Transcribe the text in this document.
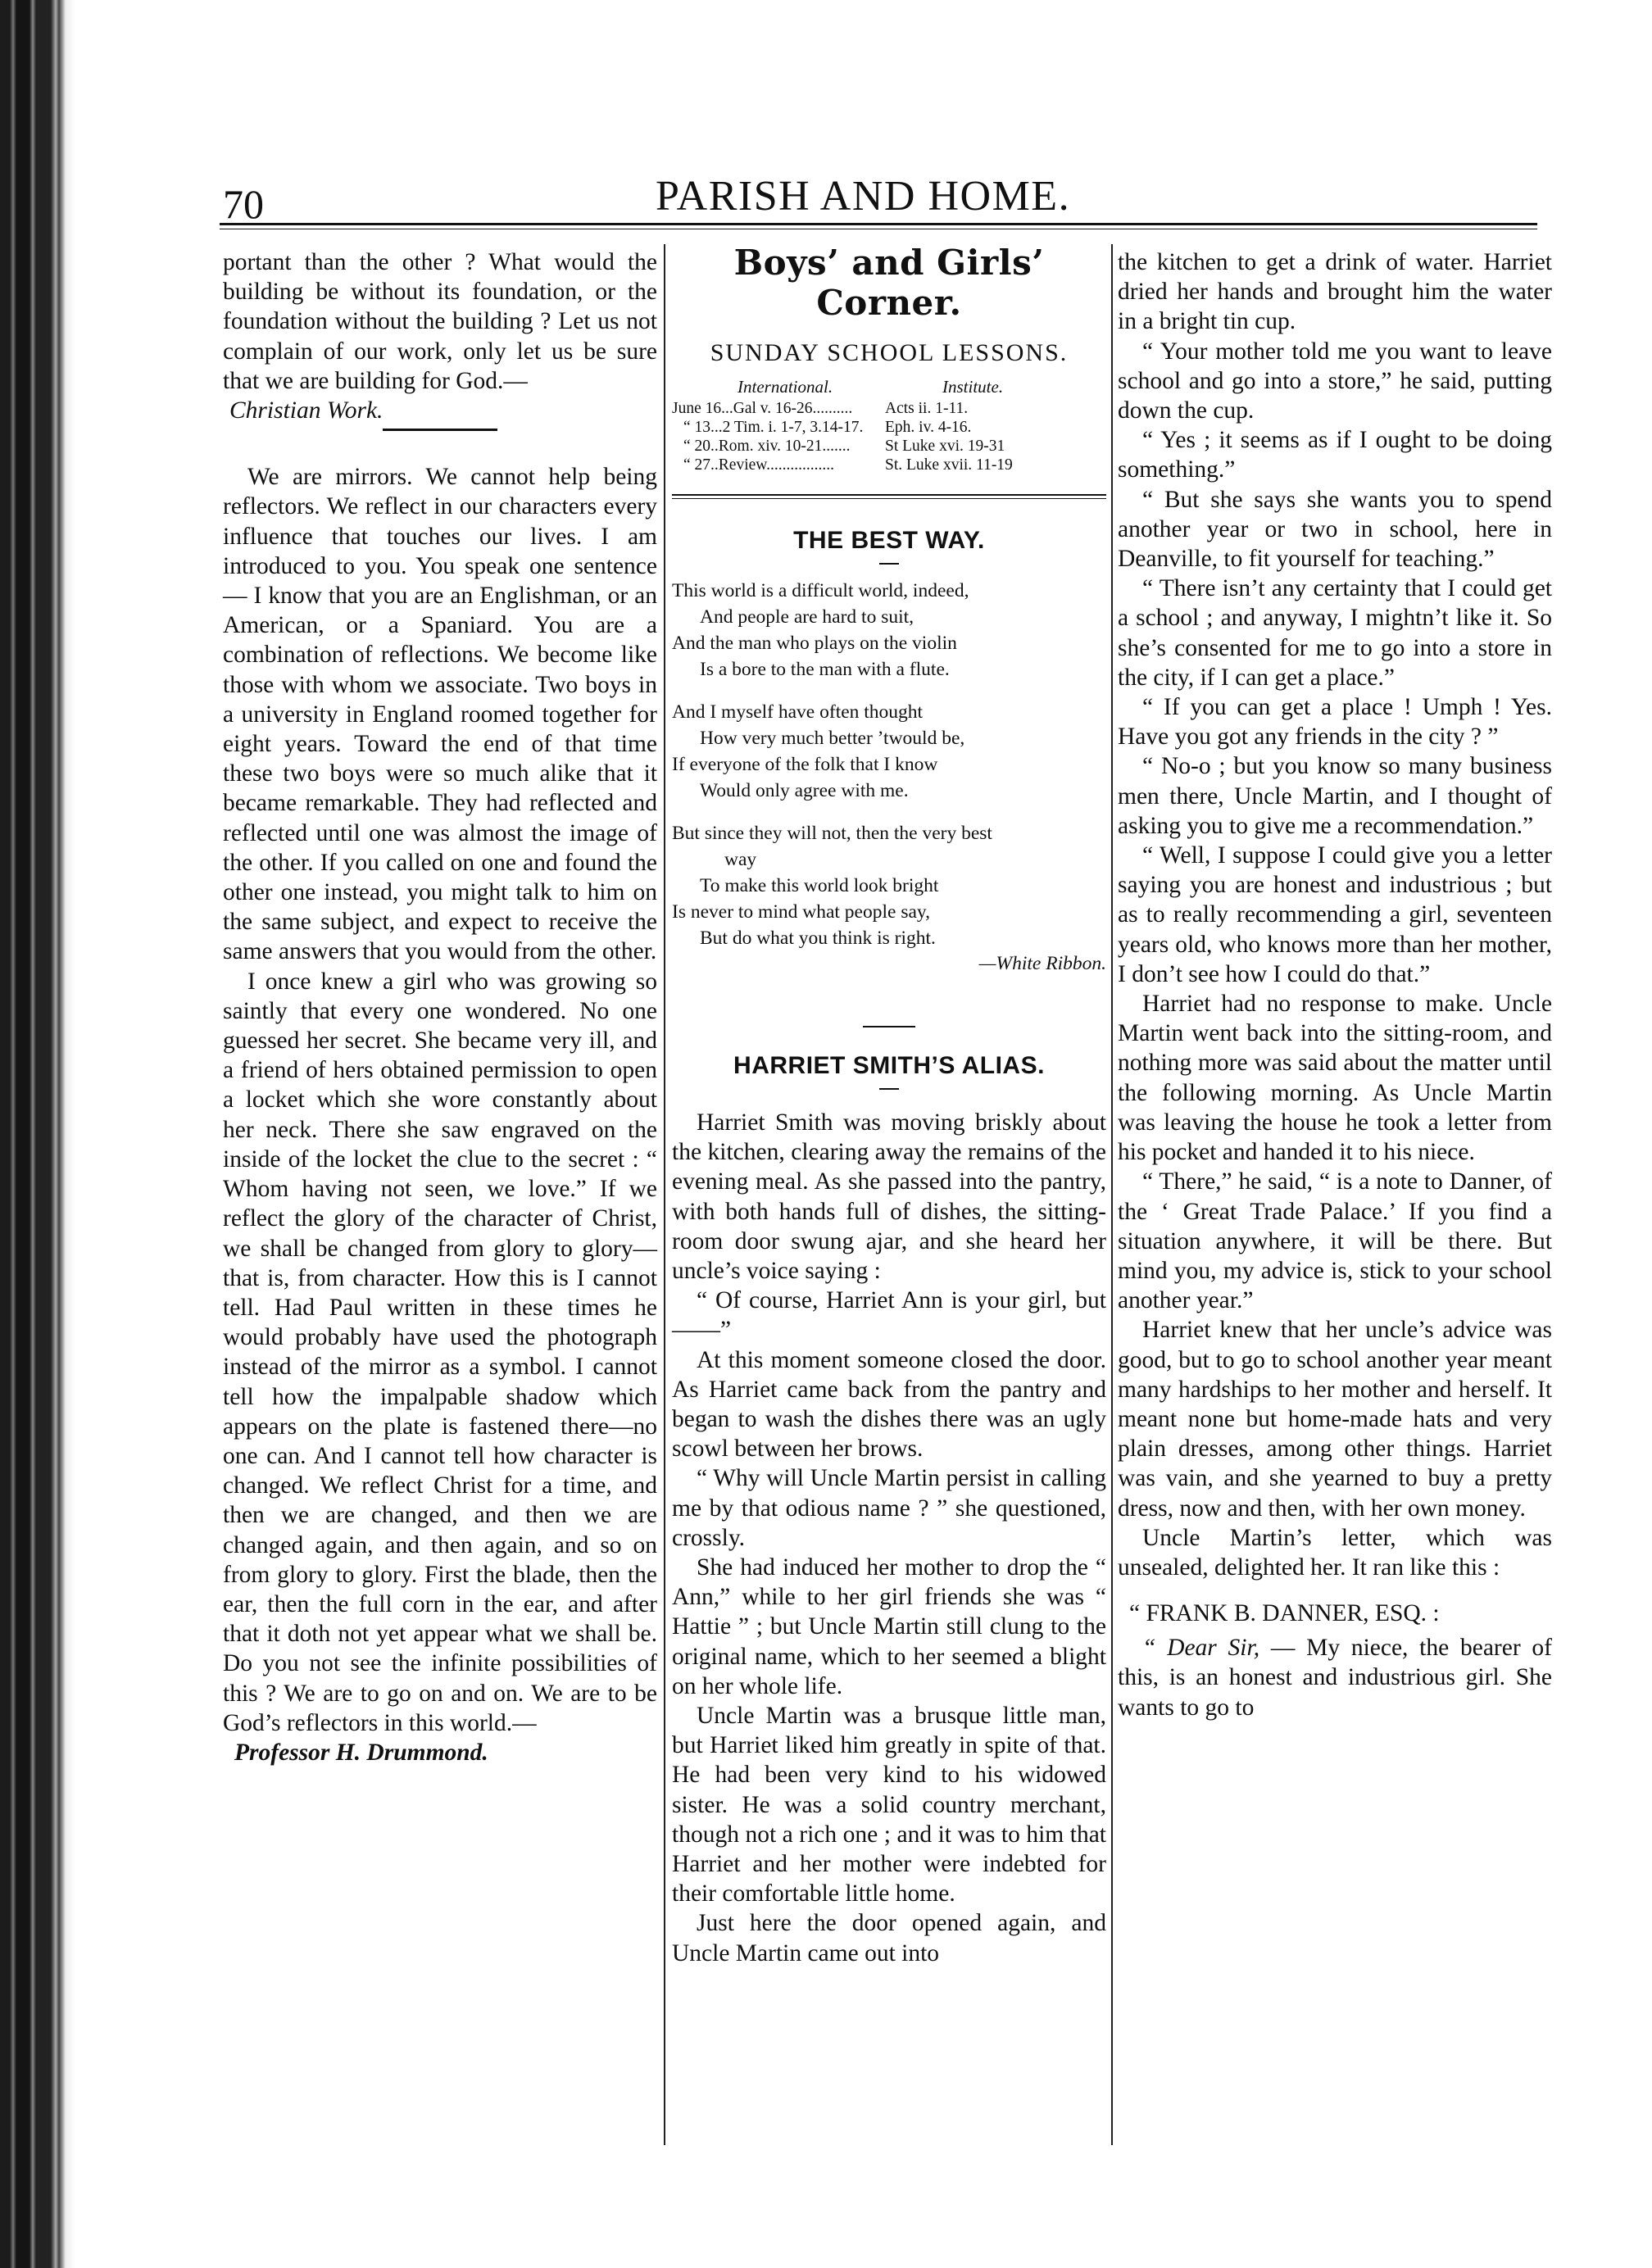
70	PARISH AND HOME.

portant than the other ? What would the building be without its foundation, or the foundation without the building ? Let us not complain of our work, only let us be sure that we are building for God.—

Christian Work.

We are mirrors. We cannot help being reflectors. We reflect in our characters every influence that touches our lives. I am introduced to you. You speak one sentence— I know that you are an Englishman, or an American, or a Spaniard. You are a combination of reflections. We become like those with whom we associate. Two boys in a university in England roomed together for eight years. Toward the end of that time these two boys were so much alike that it became remarkable. They had reflected and reflected until one was almost the image of the other. If you called on one and found the other one instead, you might talk to him on the same subject, and expect to receive the same answers that you would from the other.

I once knew a girl who was growing so saintly that every one wondered. No one guessed her secret. She became very ill, and a friend of hers obtained permission to open a locket which she wore constantly about her neck. There she saw engraved on the inside of the locket the clue to the secret : “ Whom having not seen, we love.” If we reflect the glory of the character of Christ, we shall be changed from glory to glory—that is, from character. How this is I cannot tell. Had Paul written in these times he would probably have used the photograph instead of the mirror as a symbol. I cannot tell how the impalpable shadow which appears on the plate is fastened there—no one can. And I cannot tell how character is changed. We reflect Christ for a time, and then we are changed, and then we are changed again, and then again, and so on from glory to glory. First the blade, then the ear, then the full corn in the ear, and after that it doth not yet appear what we shall be. Do you not see the infinite possibilities of this ? We are to go on and on. We are to be God’s reflectors in this world.—

Professor H. Drummond.

Boys’ and Girls’ Corner.
SUNDAY SCHOOL LESSONS.
International.	Institute.
June 16...Gal v. 16-26..........	Acts ii. 1-11.
“ 13...2 Tim. i. 1-7, 3.14-17.	Eph. iv. 4-16.
“ 20..Rom. xiv. 10-21.......	St Luke xvi. 19-31
“ 27..Review.................	St. Luke xvii. 11-19
THE BEST WAY.
This world is a difficult world, indeed,
And people are hard to suit,
And the man who plays on the violin
Is a bore to the man with a flute.
And I myself have often thought
How very much better ’twould be,
If everyone of the folk that I know
Would only agree with me.
But since they will not, then the very best
way
To make this world look bright
Is never to mind what people say,
But do what you think is right.
—White Ribbon.
HARRIET SMITH’S ALIAS.

Harriet Smith was moving briskly about the kitchen, clearing away the remains of the evening meal. As she passed into the pantry, with both hands full of dishes, the sitting-room door swung ajar, and she heard her uncle’s voice saying :

“ Of course, Harriet Ann is your girl, but——”

At this moment someone closed the door. As Harriet came back from the pantry and began to wash the dishes there was an ugly scowl between her brows.

“ Why will Uncle Martin persist in calling me by that odious name ? ” she questioned, crossly.

She had induced her mother to drop the “ Ann,” while to her girl friends she was “ Hattie ” ; but Uncle Martin still clung to the original name, which to her seemed a blight on her whole life.

Uncle Martin was a brusque little man, but Harriet liked him greatly in spite of that. He had been very kind to his widowed sister. He was a solid country merchant, though not a rich one ; and it was to him that Harriet and her mother were indebted for their comfortable little home.

Just here the door opened again, and Uncle Martin came out into

the kitchen to get a drink of water. Harriet dried her hands and brought him the water in a bright tin cup.

“ Your mother told me you want to leave school and go into a store,” he said, putting down the cup.

“ Yes ; it seems as if I ought to be doing something.”

“ But she says she wants you to spend another year or two in school, here in Deanville, to fit yourself for teaching.”

“ There isn’t any certainty that I could get a school ; and anyway, I mightn’t like it. So she’s consented for me to go into a store in the city, if I can get a place.”

“ If you can get a place ! Umph ! Yes. Have you got any friends in the city ? ”

“ No-o ; but you know so many business men there, Uncle Martin, and I thought of asking you to give me a recommendation.”

“ Well, I suppose I could give you a letter saying you are honest and industrious ; but as to really recommending a girl, seventeen years old, who knows more than her mother, I don’t see how I could do that.”

Harriet had no response to make. Uncle Martin went back into the sitting-room, and nothing more was said about the matter until the following morning. As Uncle Martin was leaving the house he took a letter from his pocket and handed it to his niece.

“ There,” he said, “ is a note to Danner, of the ‘ Great Trade Palace.’ If you find a situation anywhere, it will be there. But mind you, my advice is, stick to your school another year.”

Harriet knew that her uncle’s advice was good, but to go to school another year meant many hardships to her mother and herself. It meant none but home-made hats and very plain dresses, among other things. Harriet was vain, and she yearned to buy a pretty dress, now and then, with her own money.

Uncle Martin’s letter, which was unsealed, delighted her. It ran like this :

“ FRANK B. DANNER, ESQ. :

“ Dear Sir, — My niece, the bearer of this, is an honest and industrious girl. She wants to go to
